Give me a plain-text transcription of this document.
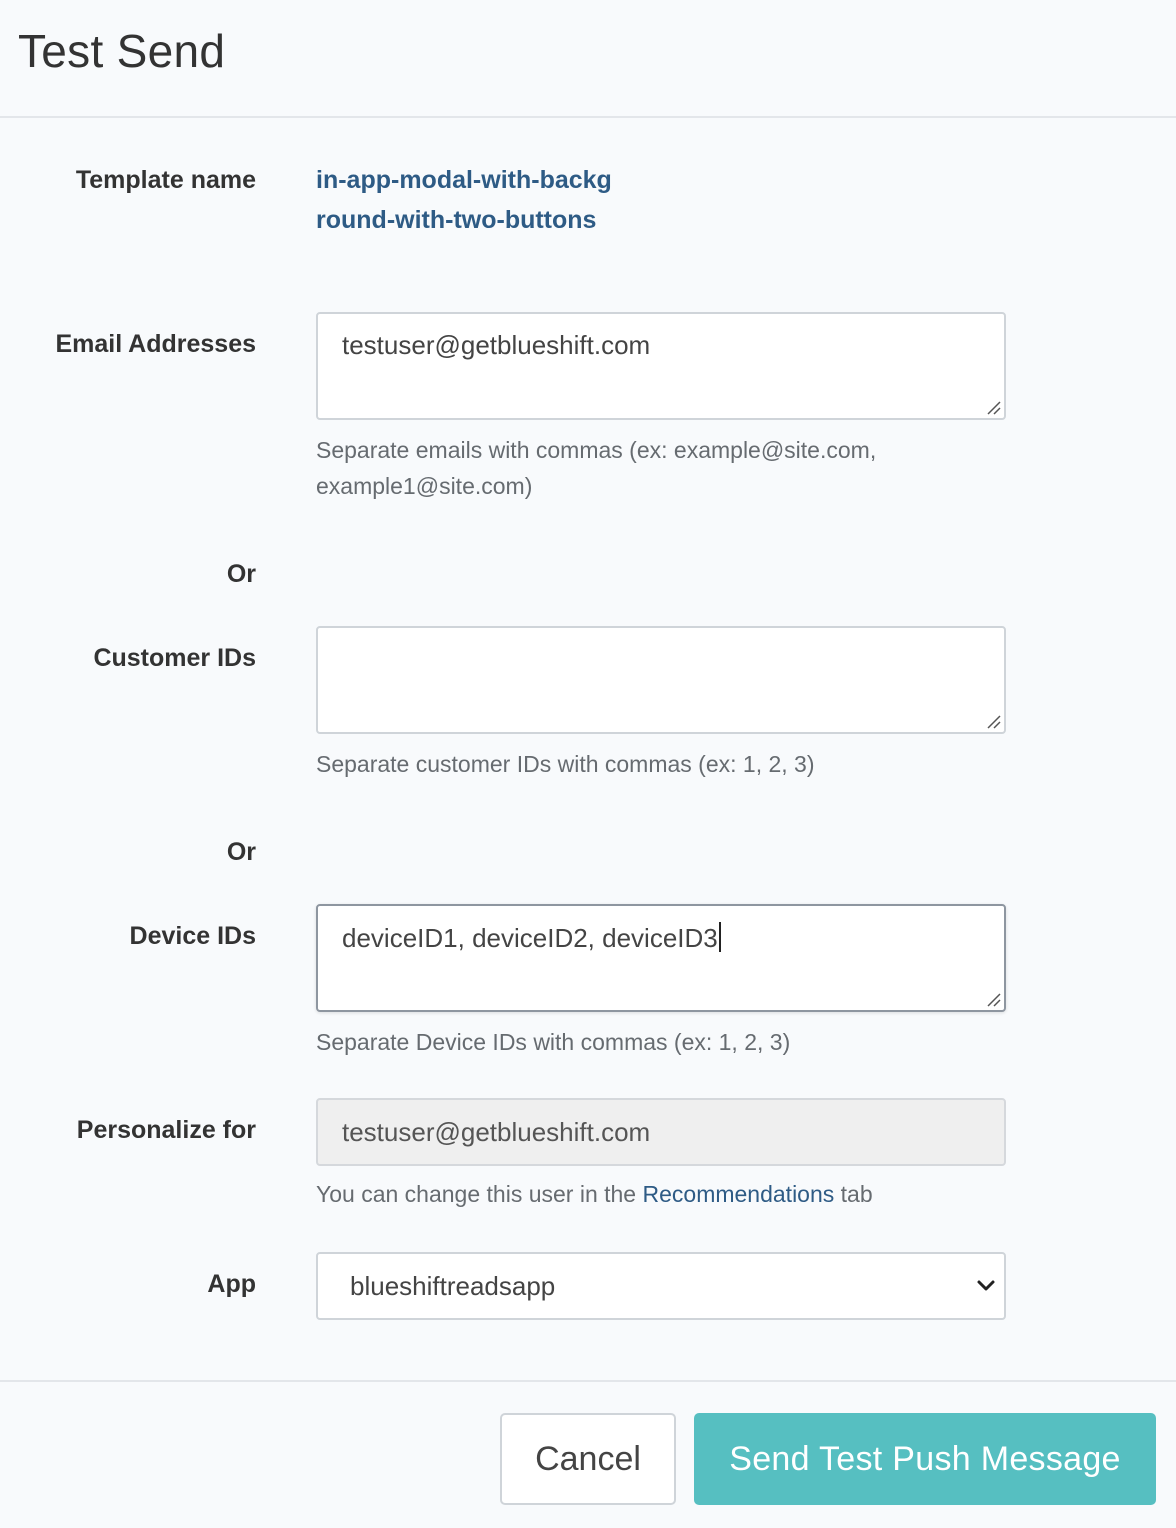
Test Send
Template name in-app-modal-with-background-with-two-buttons
Email Addresses	testuser@getblueshift.com
Separate emails with commas (ex: example@site.com, example1@site.com)
Or
Customer IDs
Separate customer IDs with commas (ex: 1, 2, 3)
Or
Device IDs	deviceID1, deviceID2, deviceID3
Separate Device IDs with commas (ex: 1, 2, 3)
Personalize for	testuser@getblueshift.com
You can change this user in the Recommendations tab
App	blueshiftreadsapp
Cancel	Send Test Push Message
